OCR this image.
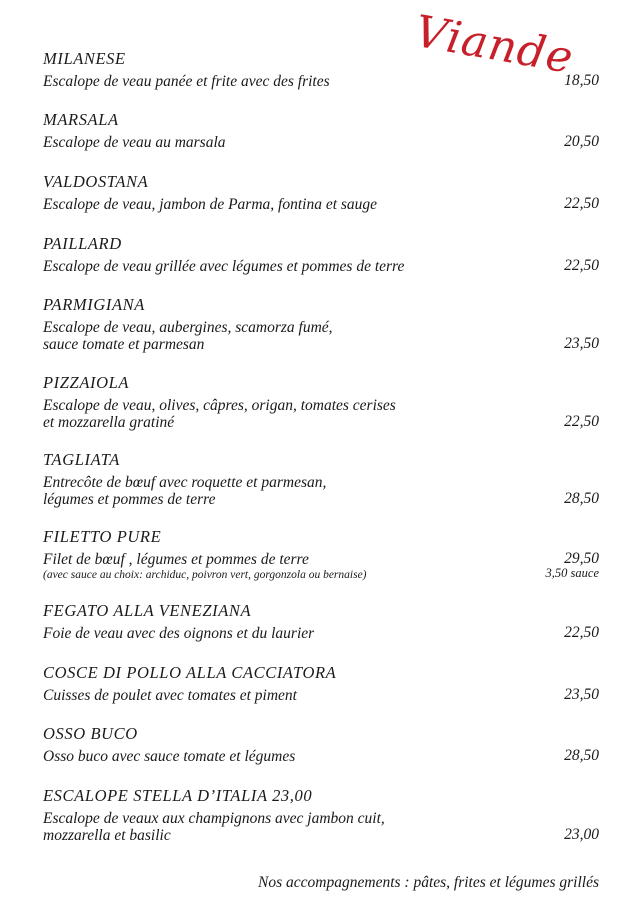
Viande
MILANESE
Escalope de veau panée et frite avec des frites	18,50
MARSALA
Escalope de veau au marsala	20,50
VALDOSTANA
Escalope de veau, jambon de Parma, fontina et sauge	22,50
PAILLARD
Escalope de veau grillée avec légumes et pommes de terre	22,50
PARMIGIANA
Escalope de veau, aubergines, scamorza fumé,
sauce tomate et parmesan	23,50
PIZZAIOLA
Escalope de veau, olives, câpres, origan, tomates cerises
et mozzarella gratiné	22,50
TAGLIATA
Entrecôte de bœuf avec roquette et parmesan,
légumes et pommes de terre	28,50
FILETTO PURE
Filet de bœuf , légumes et pommes de terre	29,50
(avec sauce au choix: archiduc, poivron vert, gorgonzola ou bernaise)	3,50 sauce
FEGATO ALLA VENEZIANA
Foie de veau avec des oignons et du laurier	22,50
COSCE DI POLLO ALLA CACCIATORA
Cuisses de poulet avec tomates et piment	23,50
OSSO BUCO
Osso buco avec sauce tomate et légumes	28,50
ESCALOPE STELLA D’ITALIA 23,00
Escalope de veaux aux champignons avec jambon cuit,
mozzarella et basilic	23,00
Nos accompagnements : pâtes, frites et légumes grillés
